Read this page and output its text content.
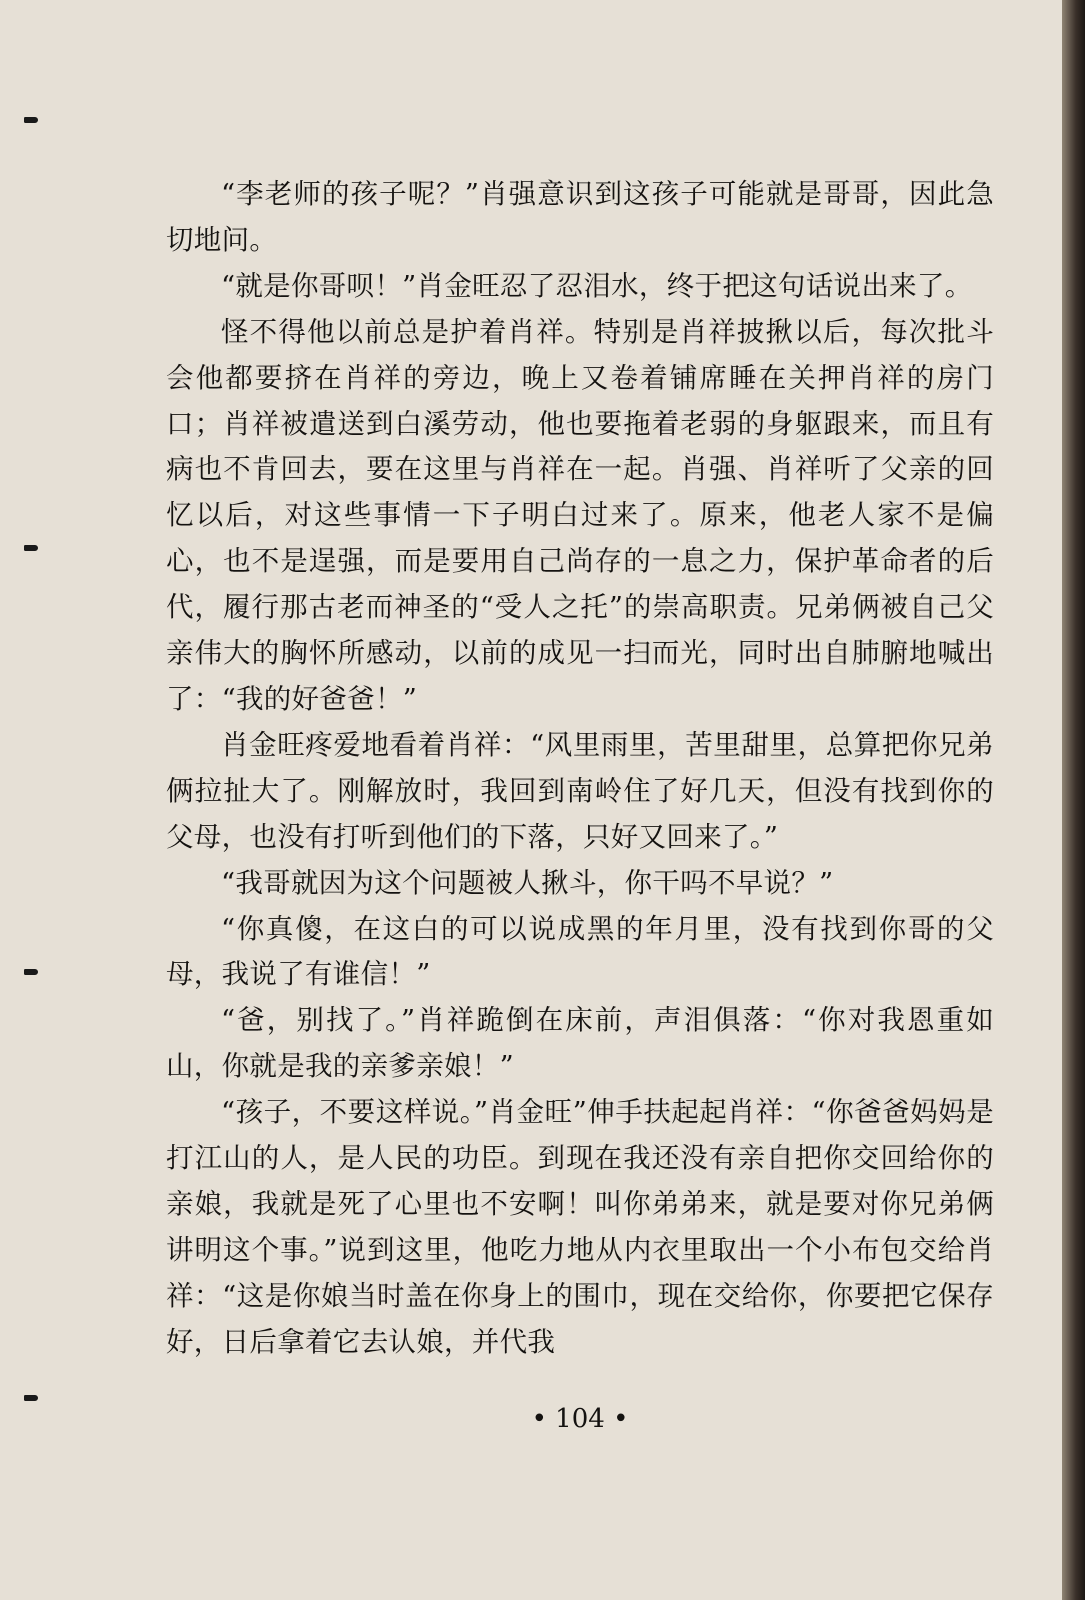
“李老师的孩子呢？”肖强意识到这孩子可能就是哥哥，因此急切地问。

“就是你哥呗！”肖金旺忍了忍泪水，终于把这句话说出来了。

怪不得他以前总是护着肖祥。特别是肖祥披揪以后，每次批斗会他都要挤在肖祥的旁边，晚上又卷着铺席睡在关押肖祥的房门口；肖祥被遣送到白溪劳动，他也要拖着老弱的身躯跟来，而且有病也不肯回去，要在这里与肖祥在一起。肖强、肖祥听了父亲的回忆以后，对这些事情一下子明白过来了。原来，他老人家不是偏心，也不是逞强，而是要用自己尚存的一息之力，保护革命者的后代，履行那古老而神圣的“受人之托”的崇高职责。兄弟俩被自己父亲伟大的胸怀所感动，以前的成见一扫而光，同时出自肺腑地喊出了：“我的好爸爸！”

肖金旺疼爱地看着肖祥：“风里雨里，苦里甜里，总算把你兄弟俩拉扯大了。刚解放时，我回到南岭住了好几天，但没有找到你的父母，也没有打听到他们的下落，只好又回来了。”

“我哥就因为这个问题被人揪斗，你干吗不早说？”

“你真傻，在这白的可以说成黑的年月里，没有找到你哥的父母，我说了有谁信！”

“爸，别找了。”肖祥跪倒在床前，声泪俱落：“你对我恩重如山，你就是我的亲爹亲娘！”

“孩子，不要这样说。”肖金旺”伸手扶起起肖祥：“你爸爸妈妈是打江山的人，是人民的功臣。到现在我还没有亲自把你交回给你的亲娘，我就是死了心里也不安啊！叫你弟弟来，就是要对你兄弟俩讲明这个事。”说到这里，他吃力地从内衣里取出一个小布包交给肖祥：“这是你娘当时盖在你身上的围巾，现在交给你，你要把它保存好，日后拿着它去认娘，并代我

• 104 •
